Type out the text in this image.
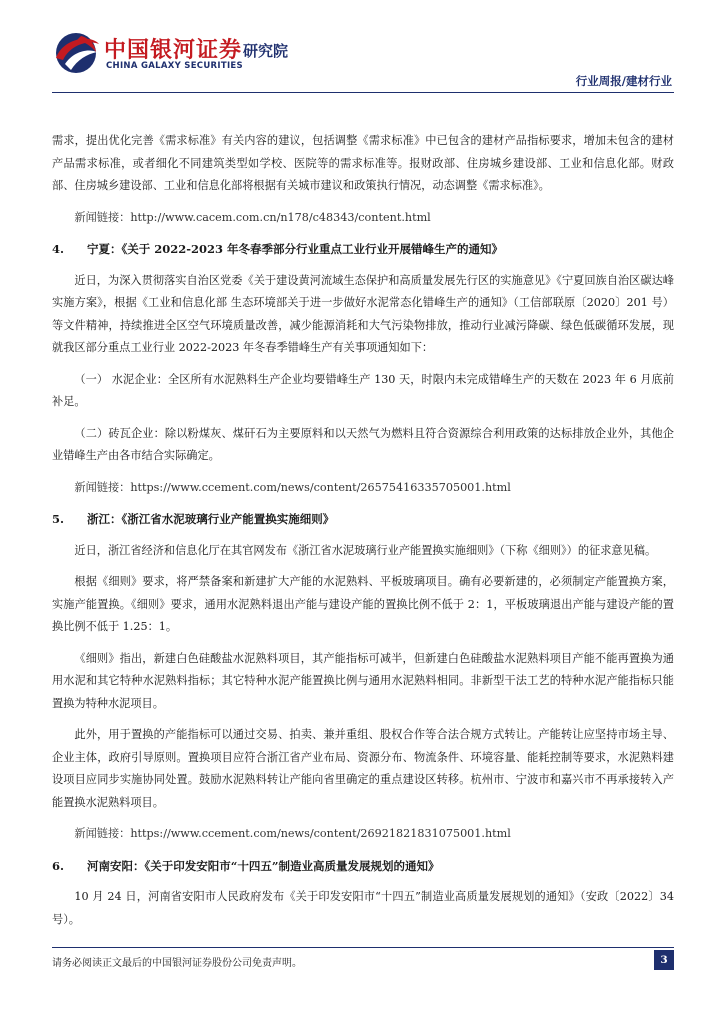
中国银河证券
CHINA GALAXY SECURITIES
研究院
行业周报/建材行业

需求，提出优化完善《需求标准》有关内容的建议，包括调整《需求标准》中已包含的建材产品指标要求，增加未包含的建材产品需求标准，或者细化不同建筑类型如学校、医院等的需求标准等。报财政部、住房城乡建设部、工业和信息化部。财政部、住房城乡建设部、工业和信息化部将根据有关城市建议和政策执行情况，动态调整《需求标准》。

新闻链接：http://www.cacem.com.cn/n178/c48343/content.html

4.	宁夏：《关于 2022-2023 年冬春季部分行业重点工业行业开展错峰生产的通知》

近日，为深入贯彻落实自治区党委《关于建设黄河流域生态保护和高质量发展先行区的实施意见》《宁夏回族自治区碳达峰实施方案》，根据《工业和信息化部 生态环境部关于进一步做好水泥常态化错峰生产的通知》（工信部联原〔2020〕201 号）等文件精神，持续推进全区空气环境质量改善，减少能源消耗和大气污染物排放，推动行业减污降碳、绿色低碳循环发展，现就我区部分重点工业行业 2022-2023 年冬春季错峰生产有关事项通知如下：

（一） 水泥企业：全区所有水泥熟料生产企业均要错峰生产 130 天，时限内未完成错峰生产的天数在 2023 年 6 月底前补足。

（二）砖瓦企业：除以粉煤灰、煤矸石为主要原料和以天然气为燃料且符合资源综合利用政策的达标排放企业外，其他企业错峰生产由各市结合实际确定。

新闻链接：https://www.ccement.com/news/content/26575416335705001.html

5.	浙江：《浙江省水泥玻璃行业产能置换实施细则》

近日，浙江省经济和信息化厅在其官网发布《浙江省水泥玻璃行业产能置换实施细则》（下称《细则》）的征求意见稿。

根据《细则》要求，将严禁备案和新建扩大产能的水泥熟料、平板玻璃项目。确有必要新建的，必须制定产能置换方案，实施产能置换。《细则》要求，通用水泥熟料退出产能与建设产能的置换比例不低于 2：1，平板玻璃退出产能与建设产能的置换比例不低于 1.25：1。

《细则》指出，新建白色硅酸盐水泥熟料项目，其产能指标可减半，但新建白色硅酸盐水泥熟料项目产能不能再置换为通用水泥和其它特种水泥熟料指标；其它特种水泥产能置换比例与通用水泥熟料相同。非新型干法工艺的特种水泥产能指标只能置换为特种水泥项目。

此外，用于置换的产能指标可以通过交易、拍卖、兼并重组、股权合作等合法合规方式转让。产能转让应坚持市场主导、企业主体，政府引导原则。置换项目应符合浙江省产业布局、资源分布、物流条件、环境容量、能耗控制等要求，水泥熟料建设项目应同步实施协同处置。鼓励水泥熟料转让产能向省里确定的重点建设区转移。杭州市、宁波市和嘉兴市不再承接转入产能置换水泥熟料项目。

新闻链接：https://www.ccement.com/news/content/26921821831075001.html

6.	河南安阳：《关于印发安阳市“十四五”制造业高质量发展规划的通知》

10 月 24 日，河南省安阳市人民政府发布《关于印发安阳市“十四五”制造业高质量发展规划的通知》（安政〔2022〕34 号）。

请务必阅读正文最后的中国银河证券股份公司免责声明。	3
